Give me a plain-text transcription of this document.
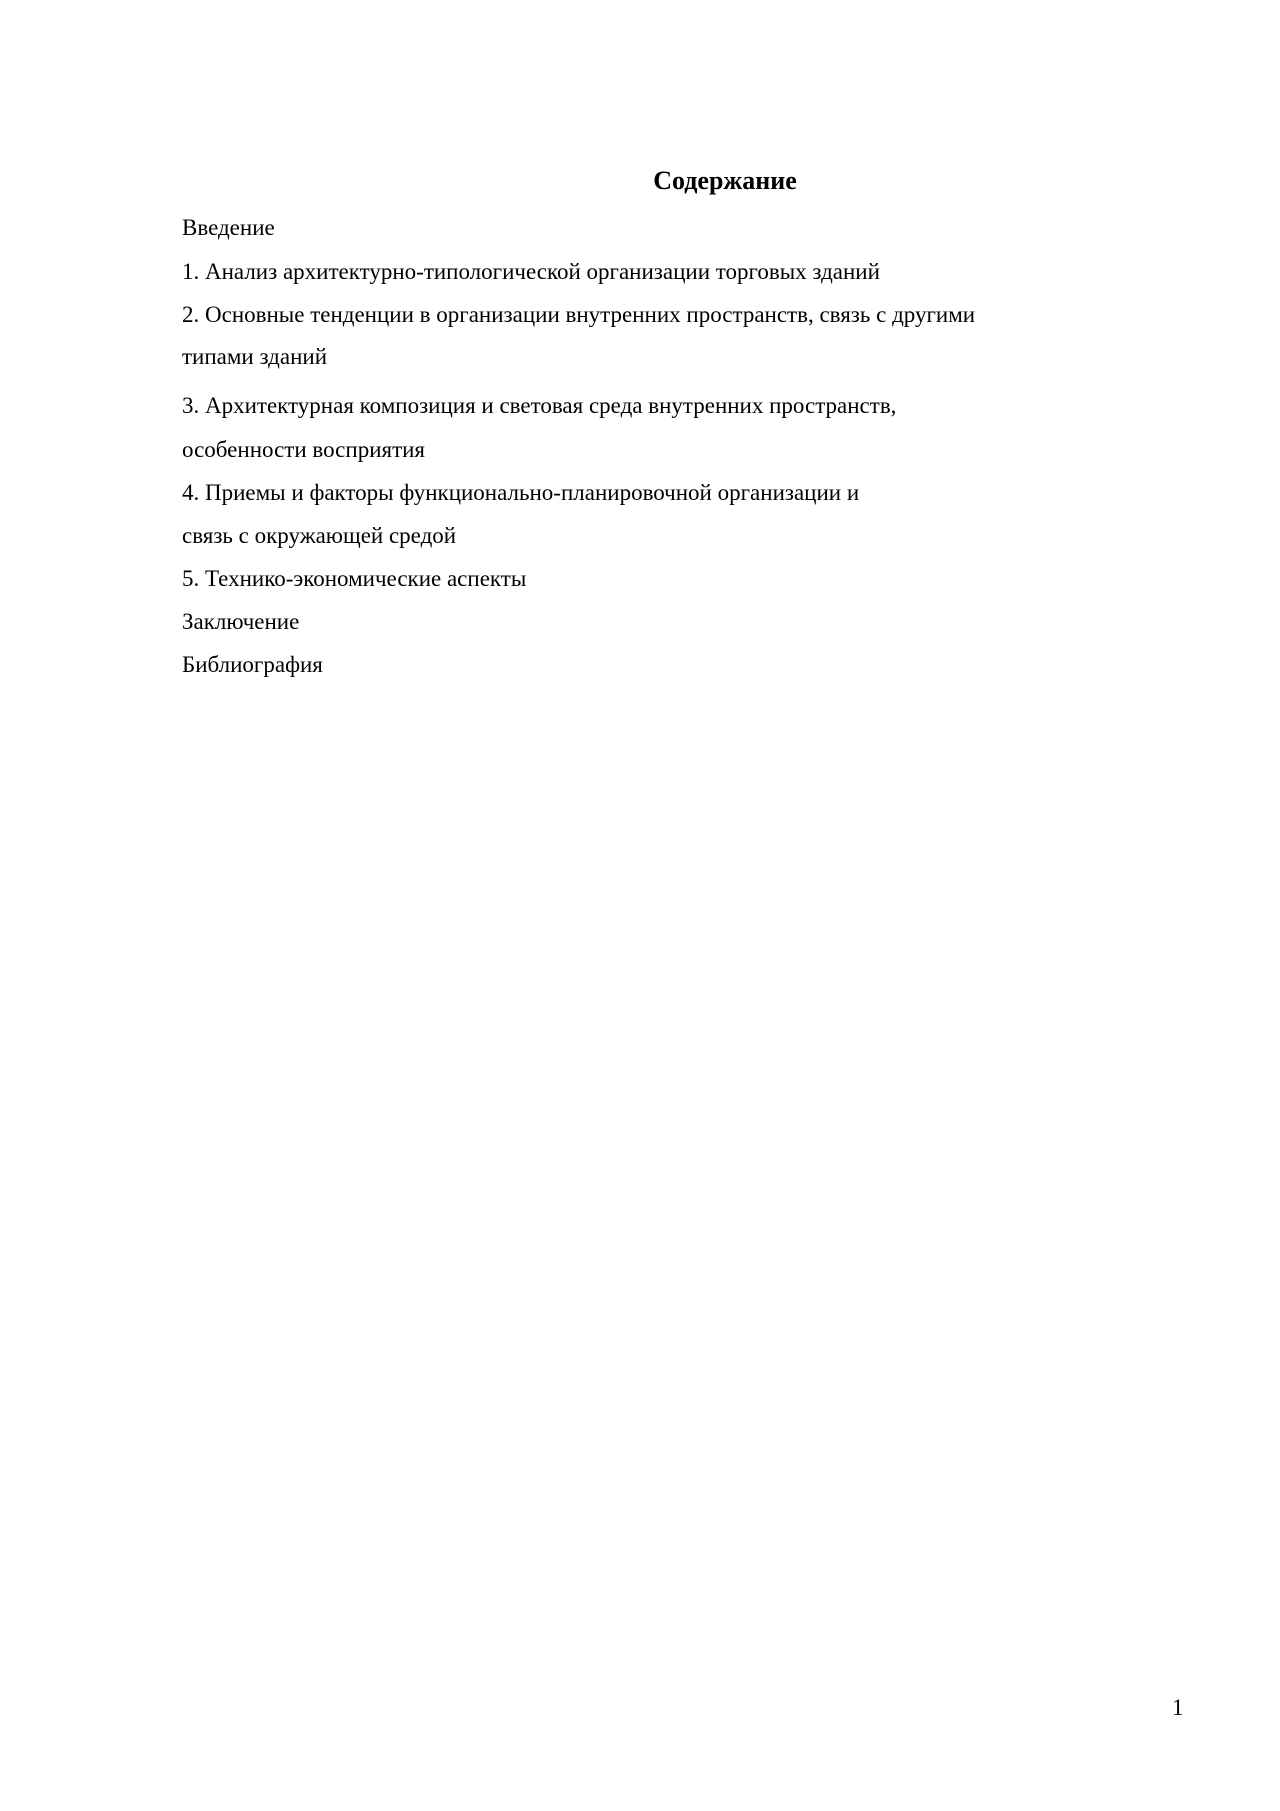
Содержание
Введение
1. Анализ архитектурно-типологической организации торговых зданий
2. Основные тенденции в организации внутренних пространств, связь с другими
типами зданий
3. Архитектурная композиция и световая среда внутренних пространств,
особенности восприятия
4. Приемы и факторы функционально-планировочной организации и
связь с окружающей средой
5. Технико-экономические аспекты
Заключение
Библиография
1
